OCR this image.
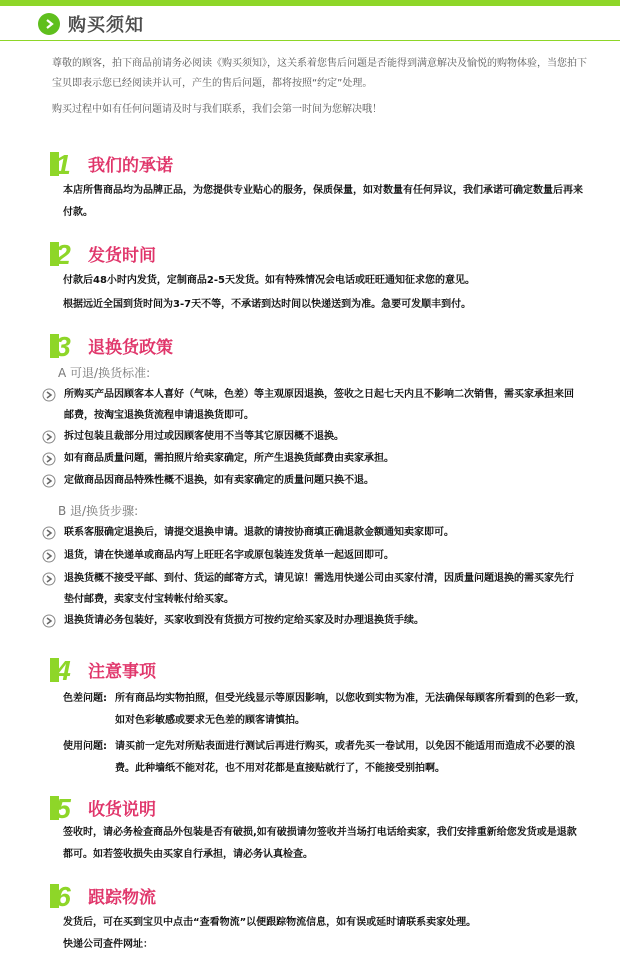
购买须知
尊敬的顾客，拍下商品前请务必阅读《购买须知》，这关系着您售后问题是否能得到满意解决及愉悦的购物体验，当您拍下宝贝即表示您已经阅读并认可，产生的售后问题，都将按照“约定”处理。
购买过程中如有任何问题请及时与我们联系，我们会第一时间为您解决哦！
1 我们的承诺
本店所售商品均为品牌正品，为您提供专业贴心的服务，保质保量，如对数量有任何异议，我们承诺可确定数量后再来付款。
2 发货时间
付款后48小时内发货，定制商品2-5天发货。如有特殊情况会电话或旺旺通知征求您的意见。
根据远近全国到货时间为3-7天不等，不承诺到达时间以快递送到为准。急要可发顺丰到付。
3 退换货政策
A 可退/换货标准:
所购买产品因顾客本人喜好（气味，色差）等主观原因退换，签收之日起七天内且不影响二次销售，需买家承担来回邮费，按淘宝退换货流程申请退换货即可。
拆过包装且裁部分用过或因顾客使用不当等其它原因概不退换。
如有商品质量问题，需拍照片给卖家确定，所产生退换货邮费由卖家承担。
定做商品因商品特殊性概不退换，如有卖家确定的质量问题只换不退。
B 退/换货步骤:
联系客服确定退换后，请提交退换申请。退款的请按协商填正确退款金额通知卖家即可。
退货，请在快递单或商品内写上旺旺名字或原包装连发货单一起返回即可。
退换货概不接受平邮、到付、货运的邮寄方式，请见谅！需选用快递公司由买家付清，因质量问题退换的需买家先行垫付邮费，卖家支付宝转帐付给买家。
退换货请必务包装好，买家收到没有货损方可按约定给买家及时办理退换货手续。
4 注意事项
色差问题: 所有商品均实物拍照，但受光线显示等原因影响，以您收到实物为准，无法确保每顾客所看到的色彩一致，如对色彩敏感或要求无色差的顾客请慎拍。
使用问题: 请买前一定先对所贴表面进行测试后再进行购买，或者先买一卷试用，以免因不能适用而造成不必要的浪费。此种墙纸不能对花，也不用对花都是直接贴就行了，不能接受别拍啊。
5 收货说明
签收时，请必务检查商品外包装是否有破损,如有破损请勿签收并当场打电话给卖家，我们安排重新给您发货或是退款都可。如若签收损失由买家自行承担，请必务认真检查。
6 跟踪物流
发货后，可在买到宝贝中点击“查看物流”以便跟踪物流信息，如有误或延时请联系卖家处理。
快递公司查件网址：
